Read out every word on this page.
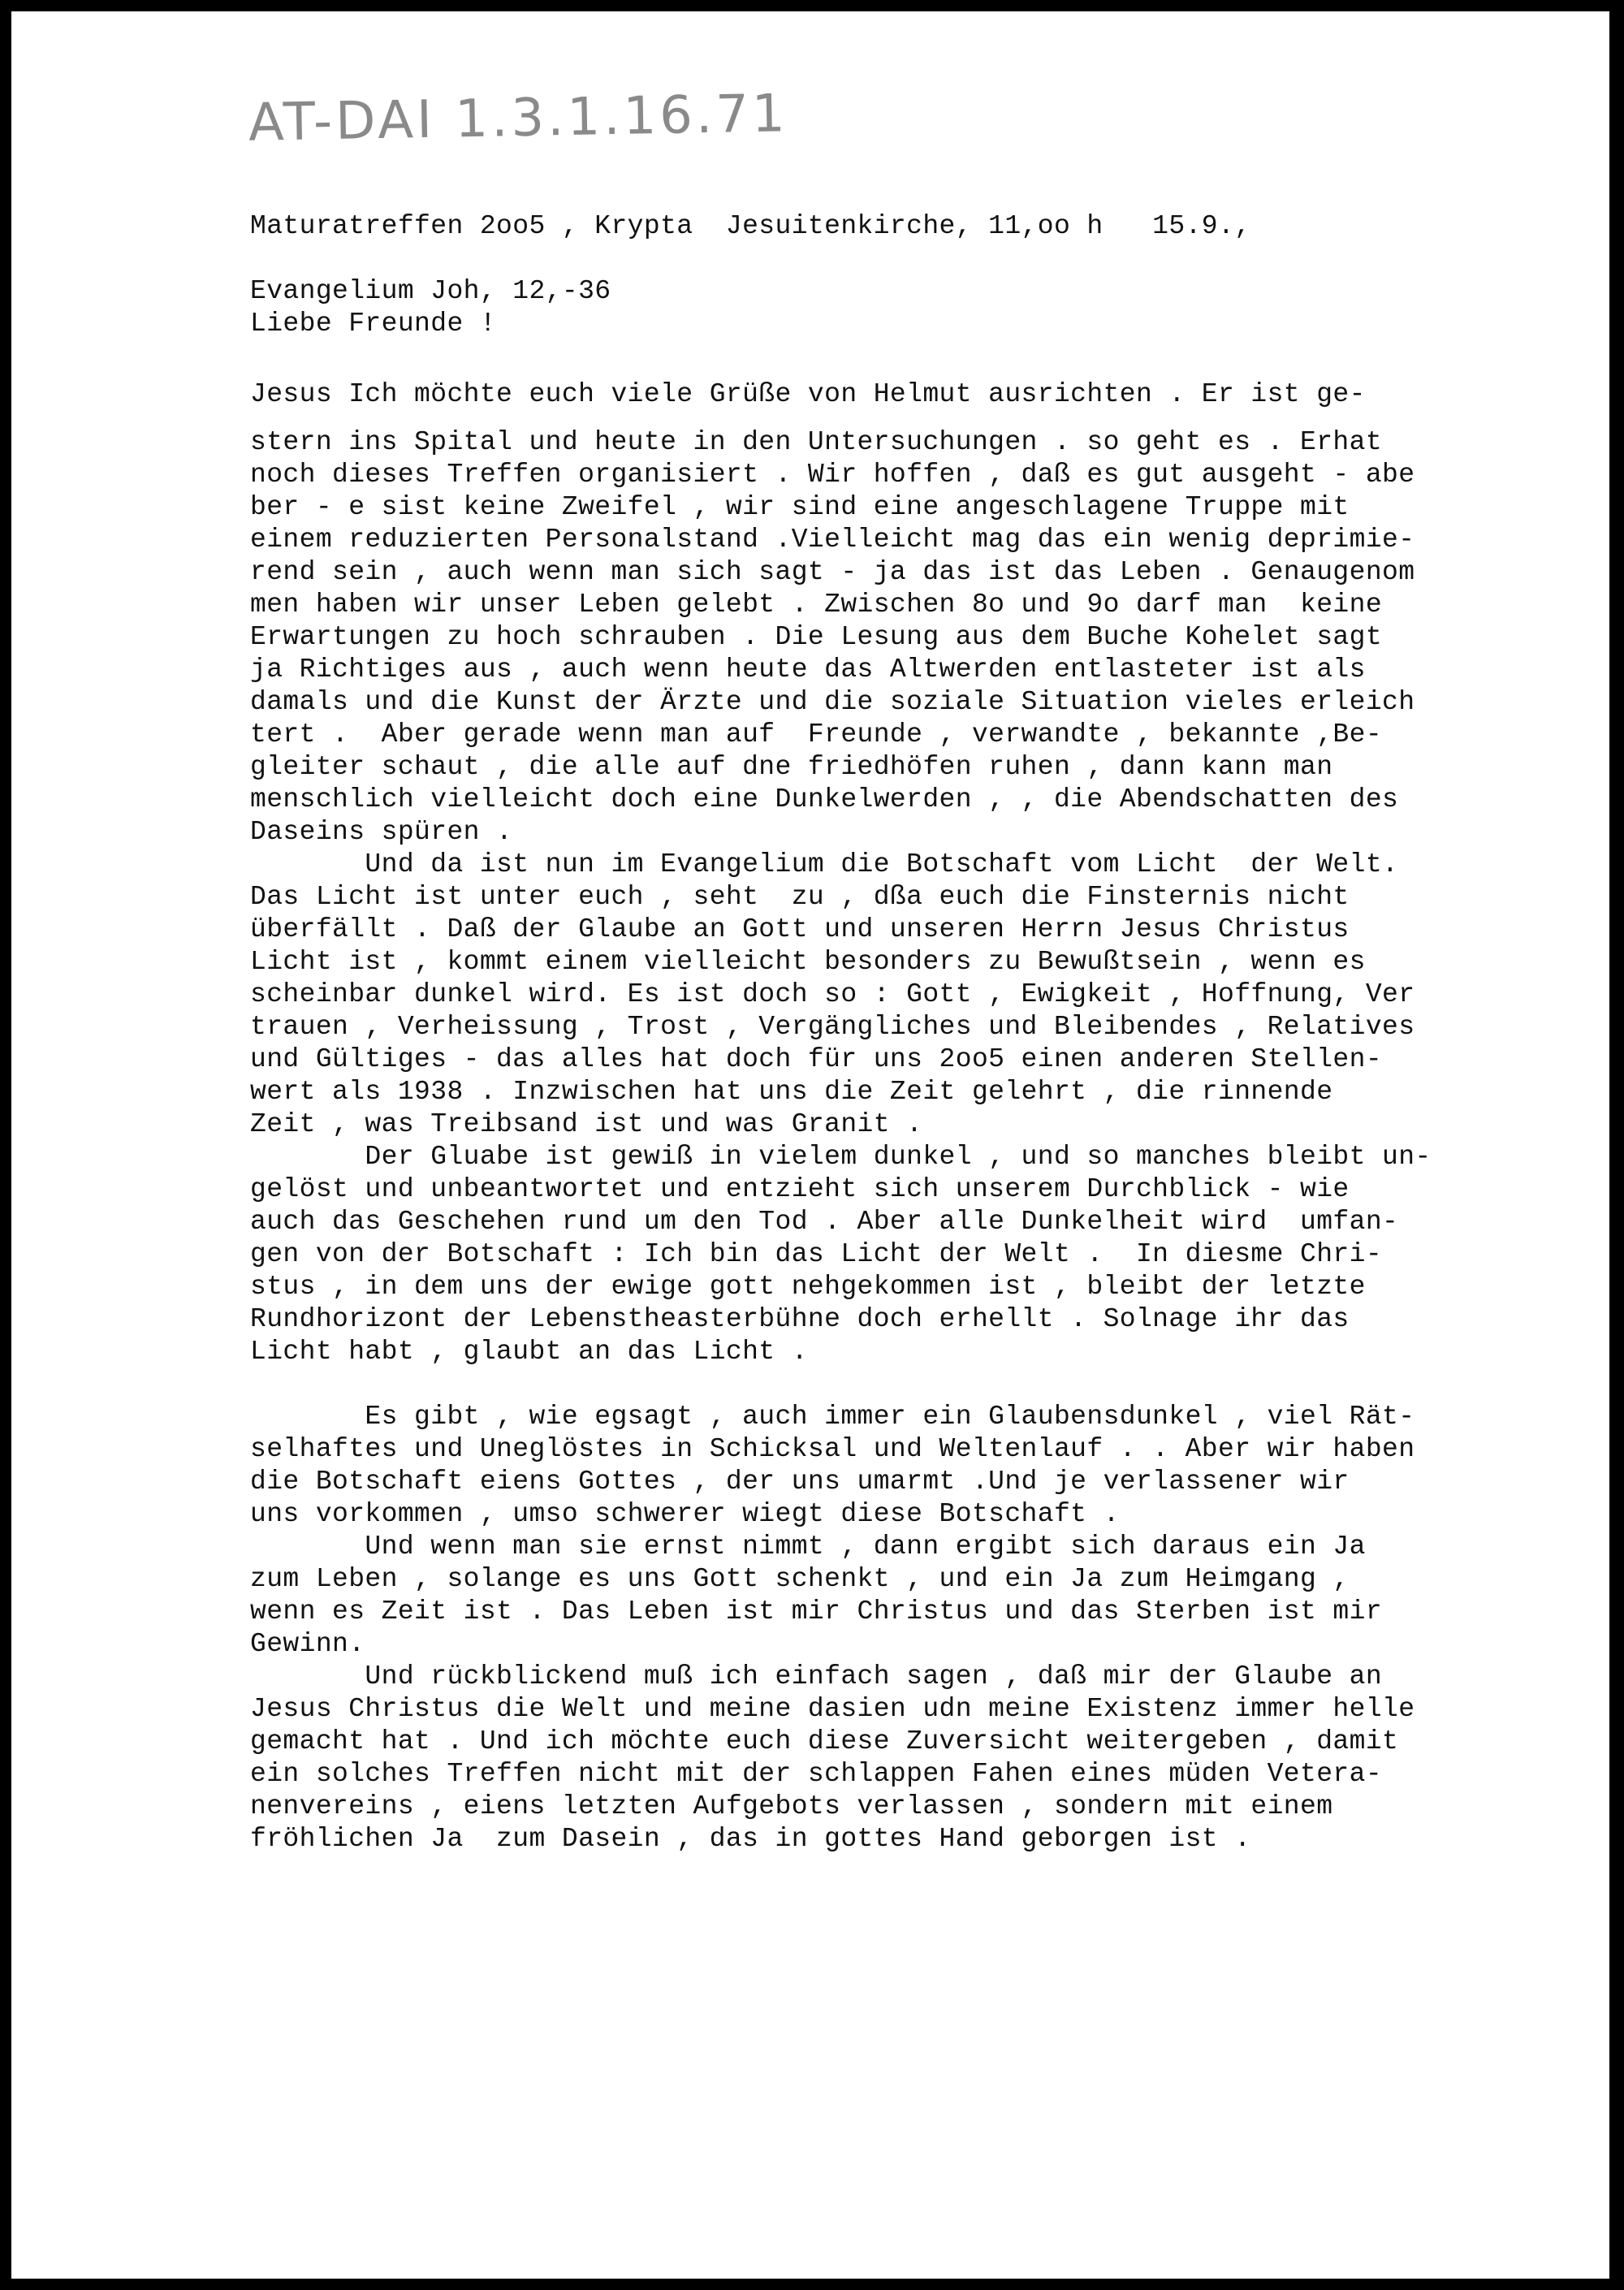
AT-DAI 1.3.1.16.71
Maturatreffen 2oo5 , Krypta  Jesuitenkirche, 11,oo h   15.9.,
Evangelium Joh, 12,-36
Liebe Freunde !
Jesus Ich möchte euch viele Grüße von Helmut ausrichten . Er ist ge-
stern ins Spital und heute in den Untersuchungen . so geht es . Erhat
noch dieses Treffen organisiert . Wir hoffen , daß es gut ausgeht - abe
ber - e sist keine Zweifel , wir sind eine angeschlagene Truppe mit
einem reduzierten Personalstand .Vielleicht mag das ein wenig deprimie-
rend sein , auch wenn man sich sagt - ja das ist das Leben . Genaugenom
men haben wir unser Leben gelebt . Zwischen 8o und 9o darf man  keine
Erwartungen zu hoch schrauben . Die Lesung aus dem Buche Kohelet sagt
ja Richtiges aus , auch wenn heute das Altwerden entlasteter ist als
damals und die Kunst der Ärzte und die soziale Situation vieles erleich
tert .  Aber gerade wenn man auf  Freunde , verwandte , bekannte ,Be-
gleiter schaut , die alle auf dne friedhöfen ruhen , dann kann man
menschlich vielleicht doch eine Dunkelwerden , , die Abendschatten des
Daseins spüren .
Und da ist nun im Evangelium die Botschaft vom Licht  der Welt.
Das Licht ist unter euch , seht  zu , dßa euch die Finsternis nicht
überfällt . Daß der Glaube an Gott und unseren Herrn Jesus Christus
Licht ist , kommt einem vielleicht besonders zu Bewußtsein , wenn es
scheinbar dunkel wird. Es ist doch so : Gott , Ewigkeit , Hoffnung, Ver
trauen , Verheissung , Trost , Vergängliches und Bleibendes , Relatives
und Gültiges - das alles hat doch für uns 2oo5 einen anderen Stellen-
wert als 1938 . Inzwischen hat uns die Zeit gelehrt , die rinnende
Zeit , was Treibsand ist und was Granit .
Der Gluabe ist gewiß in vielem dunkel , und so manches bleibt un-
gelöst und unbeantwortet und entzieht sich unserem Durchblick - wie
auch das Geschehen rund um den Tod . Aber alle Dunkelheit wird  umfan-
gen von der Botschaft : Ich bin das Licht der Welt .  In diesme Chri-
stus , in dem uns der ewige gott nehgekommen ist , bleibt der letzte
Rundhorizont der Lebenstheasterbühne doch erhellt . Solnage ihr das
Licht habt , glaubt an das Licht .
Es gibt , wie egsagt , auch immer ein Glaubensdunkel , viel Rät-
selhaftes und Uneglöstes in Schicksal und Weltenlauf . . Aber wir haben
die Botschaft eiens Gottes , der uns umarmt .Und je verlassener wir
uns vorkommen , umso schwerer wiegt diese Botschaft .
Und wenn man sie ernst nimmt , dann ergibt sich daraus ein Ja
zum Leben , solange es uns Gott schenkt , und ein Ja zum Heimgang ,
wenn es Zeit ist . Das Leben ist mir Christus und das Sterben ist mir
Gewinn.
Und rückblickend muß ich einfach sagen , daß mir der Glaube an
Jesus Christus die Welt und meine dasien udn meine Existenz immer helle
gemacht hat . Und ich möchte euch diese Zuversicht weitergeben , damit
ein solches Treffen nicht mit der schlappen Fahen eines müden Vetera-
nenvereins , eiens letzten Aufgebots verlassen , sondern mit einem
fröhlichen Ja  zum Dasein , das in gottes Hand geborgen ist .
